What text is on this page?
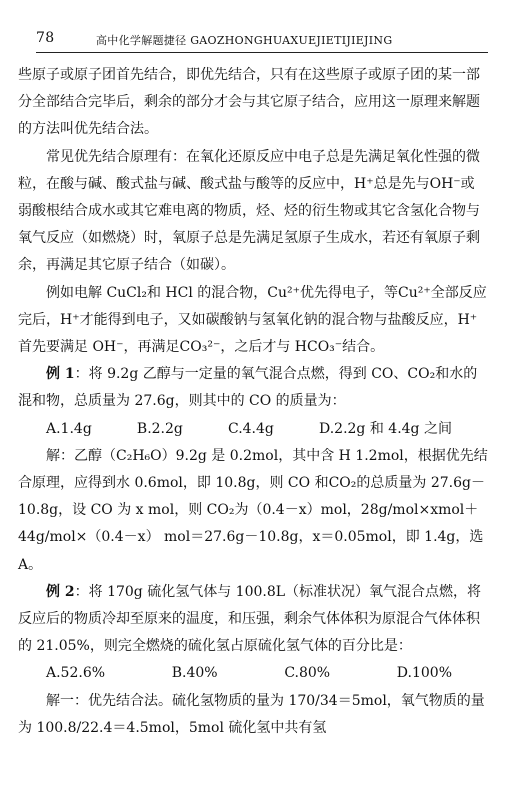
78	高中化学解题捷径 GAOZHONGHUAXUEJIETIJIEJING

些原子或原子团首先结合，即优先结合，只有在这些原子或原子团的某一部分全部结合完毕后，剩余的部分才会与其它原子结合，应用这一原理来解题的方法叫优先结合法。

常见优先结合原理有：在氧化还原反应中电子总是先满足氧化性强的微粒，在酸与碱、酸式盐与碱、酸式盐与酸等的反应中，H⁺总是先与OH⁻或弱酸根结合成水或其它难电离的物质，烃、烃的衍生物或其它含氢化合物与氧气反应（如燃烧）时，氧原子总是先满足氢原子生成水，若还有氧原子剩余，再满足其它原子结合（如碳）。

例如电解 CuCl₂和 HCl 的混合物，Cu²⁺优先得电子，等Cu²⁺全部反应完后，H⁺才能得到电子，又如碳酸钠与氢氧化钠的混合物与盐酸反应，H⁺首先要满足 OH⁻，再满足CO₃²⁻，之后才与 HCO₃⁻结合。

例 1：将 9.2g 乙醇与一定量的氧气混合点燃，得到 CO、CO₂和水的混和物，总质量为 27.6g，则其中的 CO 的质量为：

A.1.4g	B.2.2g	C.4.4g	D.2.2g 和 4.4g 之间

解：乙醇（C₂H₆O）9.2g 是 0.2mol，其中含 H 1.2mol，根据优先结合原理，应得到水 0.6mol，即 10.8g，则 CO 和CO₂的总质量为 27.6g－10.8g，设 CO 为 x mol，则 CO₂为（0.4－x）mol，28g/mol×xmol＋44g/mol×（0.4－x） mol＝27.6g－10.8g，x＝0.05mol，即 1.4g，选 A。

例 2：将 170g 硫化氢气体与 100.8L（标准状况）氧气混合点燃，将反应后的物质冷却至原来的温度，和压强，剩余气体体积为原混合气体体积的 21.05%，则完全燃烧的硫化氢占原硫化氢气体的百分比是：

A.52.6%	B.40%	C.80%	D.100%

解一：优先结合法。硫化氢物质的量为 170/34＝5mol，氧气物质的量为 100.8/22.4＝4.5mol，5mol 硫化氢中共有氢
